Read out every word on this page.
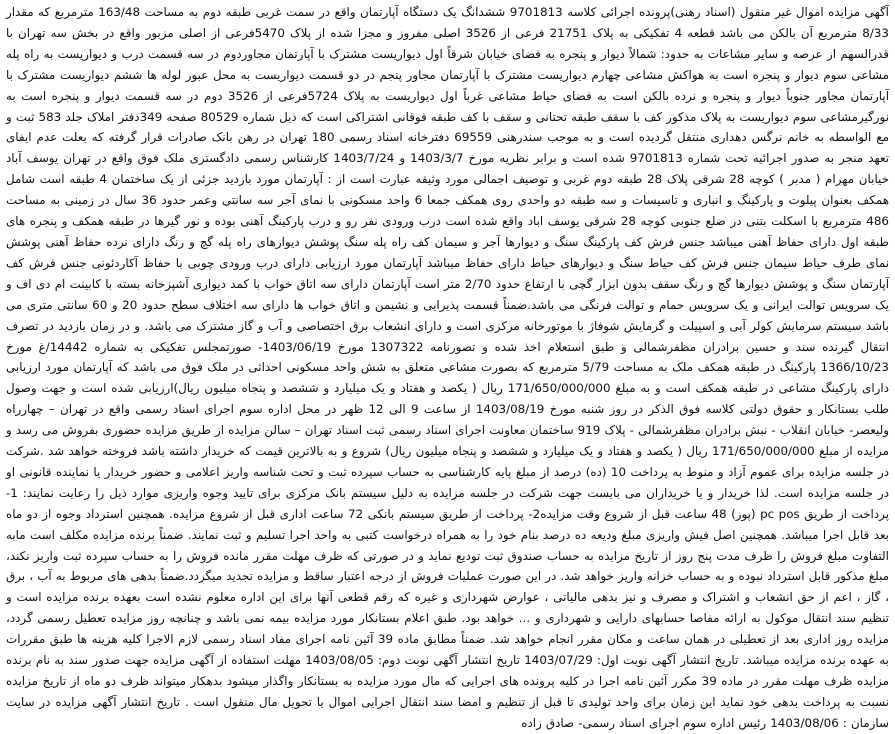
آگهی مزایده اموال غیر منقول (اسناد رهنی)پرونده اجرائی کلاسه 9701813 ششدانگ یک دستگاه آپارتمان واقع در سمت غربی طبقه دوم به مساحت 163/48 مترمربع که مقدار 8/33 مترمربع آن بالکن می باشد قطعه 4 تفکیکی به پلاک 21751 فرعی از 3526 اصلی مفروز و مجزا شده از پلاک 5470فرعی از اصلی مزبور واقع در بخش سه تهران با قدرالسهم از عرصه و سایر مشاعات به حدود: شمالاً دیوار و پنجره به فضای خیابان شرقاً اول دیواریست مشترک با آپارتمان مجاوردوم در سه قسمت درب و دیواریست به راه پله مشاعی سوم دیوار و پنجره است به هواکش مشاعی چهارم دیواریست مشترک با آپارتمان مجاور پنجم در دو قسمت دیواریست به محل عبور لوله ها ششم دیواریست مشترک با آپارتمان مجاور جنوباً دیوار و پنجره و نرده بالکن است به فضای حیاط مشاعی غرباً اول دیواریست به پلاک 5724فرعی از 3526 دوم در سه قسمت دیوار و پنجره است به نورگیرمشاعی سوم دیواریست به پلاک مذکور کف با سقف طبقه تحتانی و سقف با کف طبقه فوقانی اشتراکی است که ذیل شماره 80529 صفحه 349دفتر املاک جلد 583 ثبت و مع الواسطه به خانم نرگس دهداری منتقل گردیده است و به موجب سندرهنی 69559 دفترخانه اسناد رسمی 180 تهران در رهن بانک صادرات قرار گرفته که بعلت عدم ایفای تعهد منجر به صدور اجرائیه تحت شماره 9701813 شده است و برابر نظریه مورخ 1403/3/7 و 1403/7/24 کارشناس رسمی دادگستری ملک فوق واقع در تهران یوسف آباد خیابان مهرام ( مدبر ) کوچه 28 شرقی پلاک 28 طبقه دوم غربی و توصیف اجمالی مورد وثیقه عبارت است از : آپارتمان مورد بازدید جزئی از یک ساختمان 4 طبقه است شامل همکف بعنوان پیلوت و پارکینگ و انباری و تاسیسات و سه طبقه دو واحدی روی همکف جمعا 6 واحد مسکونی با نمای آجر سه سانتی وعمر حدود 36 سال در زمینی به مساحت 486 مترمربع با اسکلت بتنی در ضلع جنوبی کوچه 28 شرقی یوسف اباد واقع شده است درب ورودی نفر رو و درب پارکینگ آهنی بوده و نور گیرها در طبقه همکف و پنجره های طبقه اول دارای حفاظ آهنی میباشد جنس فرش کف پارکینگ سنگ و دیوارها آجر و سیمان کف راه پله سنگ پوشش دیوارهای راه پله گچ و رنگ دارای نرده حفاظ آهنی پوشش نمای طرف حیاط سیمان جنس فرش کف حیاط سنگ و دیوارهای حیاط دارای حفاظ میباشد آپارتمان مورد ارزیابی دارای درب ورودی چوبی با حفاظ آکاردئونی جنس فرش کف آپارتمان سنگ و پوشش دیوارها گچ و رنگ سقف بدون ابزار گچی با ارتفاع حدود 2/70 متر است آپارتمان دارای سه اتاق خواب با کمد دیواری آشپزخانه بسته با کابینت ام دی اف و یک سرویس توالت ایرانی و یک سرویس حمام و توالت فرنگی می باشد.ضمناً قسمت پذیرایی و نشیمن و اتاق خواب ها دارای سه اختلاف سطح حدود 20 و 60 سانتی متری می باشد سیستم سرمایش کولر آبی و اسپیلت و گرمایش شوفاژ با موتورخانه مرکزی است و دارای انشعاب برق اختصاصی و آب و گاز مشترک می باشد. و در زمان بازدید در تصرف انتقال گیرنده سند و حسین برادران مظفرشمالی و طبق استعلام اخذ شده و تصورنامه 1307322 مورخ 1403/06/19- صورتمجلس تفکیکی به شماره 14442/غ مورخ 1366/10/23 پارکینگ در طبقه همکف ملک به مساحت 5/79 مترمربع که بصورت مشاعی متعلق به شش واحد مسکونی احداثی در ملک فوق می باشد که آپارتمان مورد ارزیابی دارای پارکینگ مشاعی در طبقه همکف است و به مبلغ 171/650/000/000 ریال ( یکصد و هفتاد و یک میلیارد و ششصد و پنجاه میلیون ریال)ارزیابی شده است و جهت وصول طلب بستانکار و حقوق دولتی کلاسه فوق الذکر در روز شنبه مورخ 1403/08/19 از ساعت 9 الی 12 ظهر در محل اداره سوم اجرای اسناد رسمی واقع در تهران – چهارراه ولیعصر- خیابان انقلاب - نبش برادران مظفرشمالی - پلاک 919 ساختمان معاونت اجرای اسناد رسمی ثبت اسناد تهران – سالن مزایده از طریق مزایده حضوری بفروش می رسد و مزایده از مبلغ 171/650/000/000 ریال ( یکصد و هفتاد و یک میلیارد و ششصد و پنجاه میلیون ریال) شروع و به بالاترین قیمت که خریدار داشته باشد فروخته خواهد شد .شرکت در جلسه مزایده برای عموم آزاد و منوط به پرداخت 10 (ده) درصد از مبلغ پایه کارشناسی به حساب سپرده ثبت و تحت شناسه واریز اعلامی و حضور خریدار یا نماینده قانونی او در جلسه مزایده است. لذا خریدار و یا خریداران می بایست جهت شرکت در جلسه مزایده به دلیل سیستم بانک مرکزی برای تایید وجوه واریزی موارد ذیل را رعایت نمایند: 1- پرداخت از طریق pc pos (پوز) 48 ساعت قبل از شروع وقت مزایده2- پرداخت از طریق سیستم بانکی 72 ساعت اداری قبل از شروع مزایده. همچنین استرداد وجوه از دو ماه بعد قابل اجرا میباشد. همچنین اصل فیش واریزی مبلغ ودیعه ده درصد بنام خود را به همراه درخواست کتبی به واحد اجرا تسلیم و ثبت نمایند. ضمناً برنده مزایده مکلف است مابه التفاوت مبلغ فروش را ظرف مدت پنج روز از تاریخ مزایده به حساب صندوق ثبت تودیع نماید و در صورتی که ظرف مهلت مقرر مانده فروش را به حساب سپرده ثبت واریز نکند، مبلغ مذکور قابل استرداد نبوده و به حساب خزانه واریز خواهد شد. در این صورت عملیات فروش از درجه اعتبار ساقط و مزایده تجدید میگردد.ضمناً بدهی های مربوط به آب ، برق ، گاز ، اعم از حق انشعاب و اشتراک و مصرف و نیز بدهی مالیاتی ، عوارض شهرداری و غیره که رقم قطعی آنها برای این اداره معلوم نشده است بعهده برنده مزایده است و تنظیم سند انتقال موکول به ارائه مفاصا حسابهای دارایی و شهرداری و ... خواهد بود. طبق اعلام بستانکار مورد مزایده بیمه نمی باشد و چنانچه روز مزایده تعطیل رسمی گردد، مزایده روز اداری بعد از تعطیلی در همان ساعت و مکان مقرر انجام خواهد شد. ضمناً مطابق ماده 39 آئین نامه اجرای مفاد اسناد رسمی لازم الاجرا کلیه هزینه ها طبق مقررات به عهده برنده مزایده میباشد. تاریخ انتشار آگهی نوبت اول: 1403/07/29 تاریخ انتشار آگهی نوبت دوم: 1403/08/05 مهلت استفاده از آگهی مزایده جهت صدور سند به نام برنده مزایده ظرف مهلت مقرر در ماده 39 مکرر آئین نامه اجرا در کلیه پرونده های اجرایی که مال مورد مزایده به بستانکار واگذار میشود بدهکار میتواند ظرف دو ماه از تاریخ مزایده نسبت به پرداخت بدهی خود نماید این زمان برای واحد تولیدی تا قبل از تنظیم و امضا سند انتقال اجرایی اموال یا تحویل مال منقول است . تاریخ انتشار آگهی مزایده در سایت سازمان : 1403/08/06 رئیس اداره سوم اجرای اسناد رسمی- صادق زاده
